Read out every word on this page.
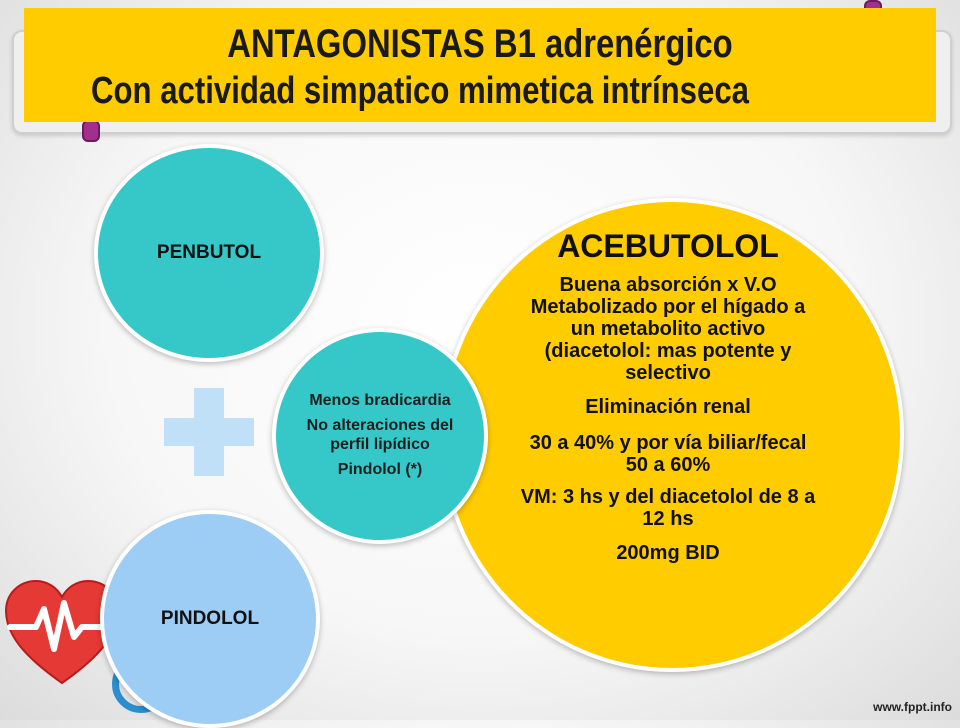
ANTAGONISTAS B1 adrenérgico
Con actividad simpatico mimetica intrínseca
PENBUTOL
PINDOLOL
Menos bradicardia
No alteraciones del perfil lipídico
Pindolol (*)
ACEBUTOLOL
Buena absorción x V.O
Metabolizado por el hígado a un metabolito activo (diacetolol: mas potente y selectivo
Eliminación renal
30 a 40% y por vía biliar/fecal 50 a 60%
VM: 3 hs y del diacetolol de 8 a 12 hs
200mg BID
www.fppt.info
